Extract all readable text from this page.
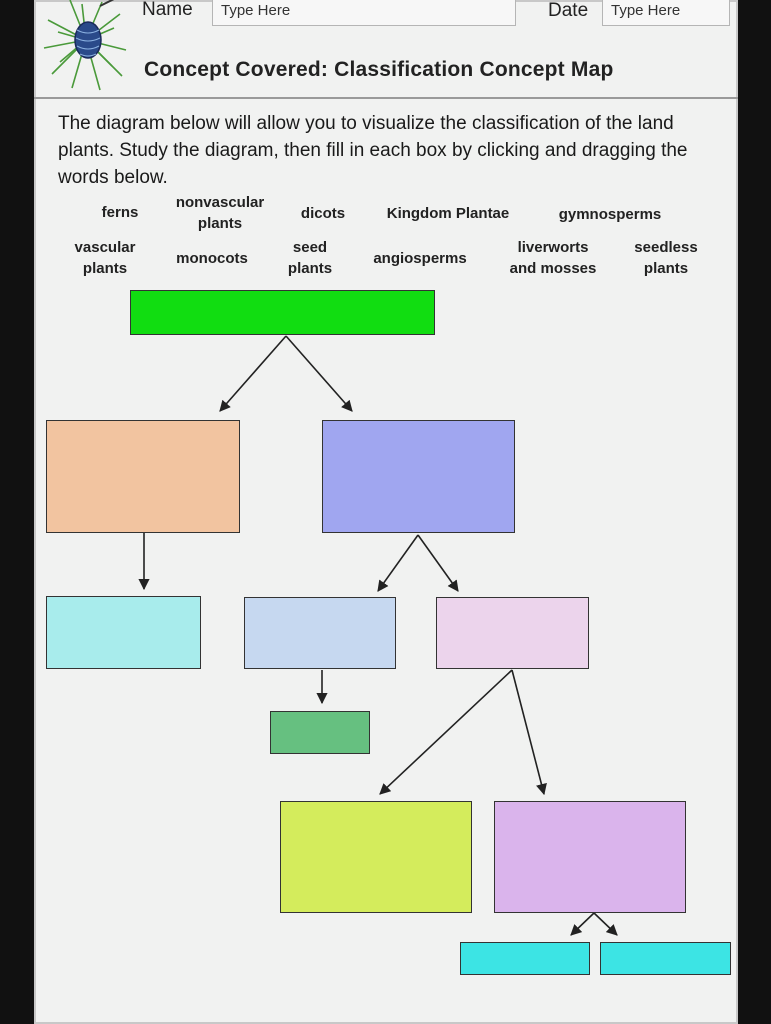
Name	Type Here	Date	Type Here
Concept Covered: Classification Concept Map
The diagram below will allow you to visualize the classification of the land plants. Study the diagram, then fill in each box by clicking and dragging the words below.
ferns
nonvascular
plants
dicots	Kingdom Plantae	gymnosperms
vascular
plants
monocots
seed
plants
angiosperms
liverworts
and mosses
seedless
plants
